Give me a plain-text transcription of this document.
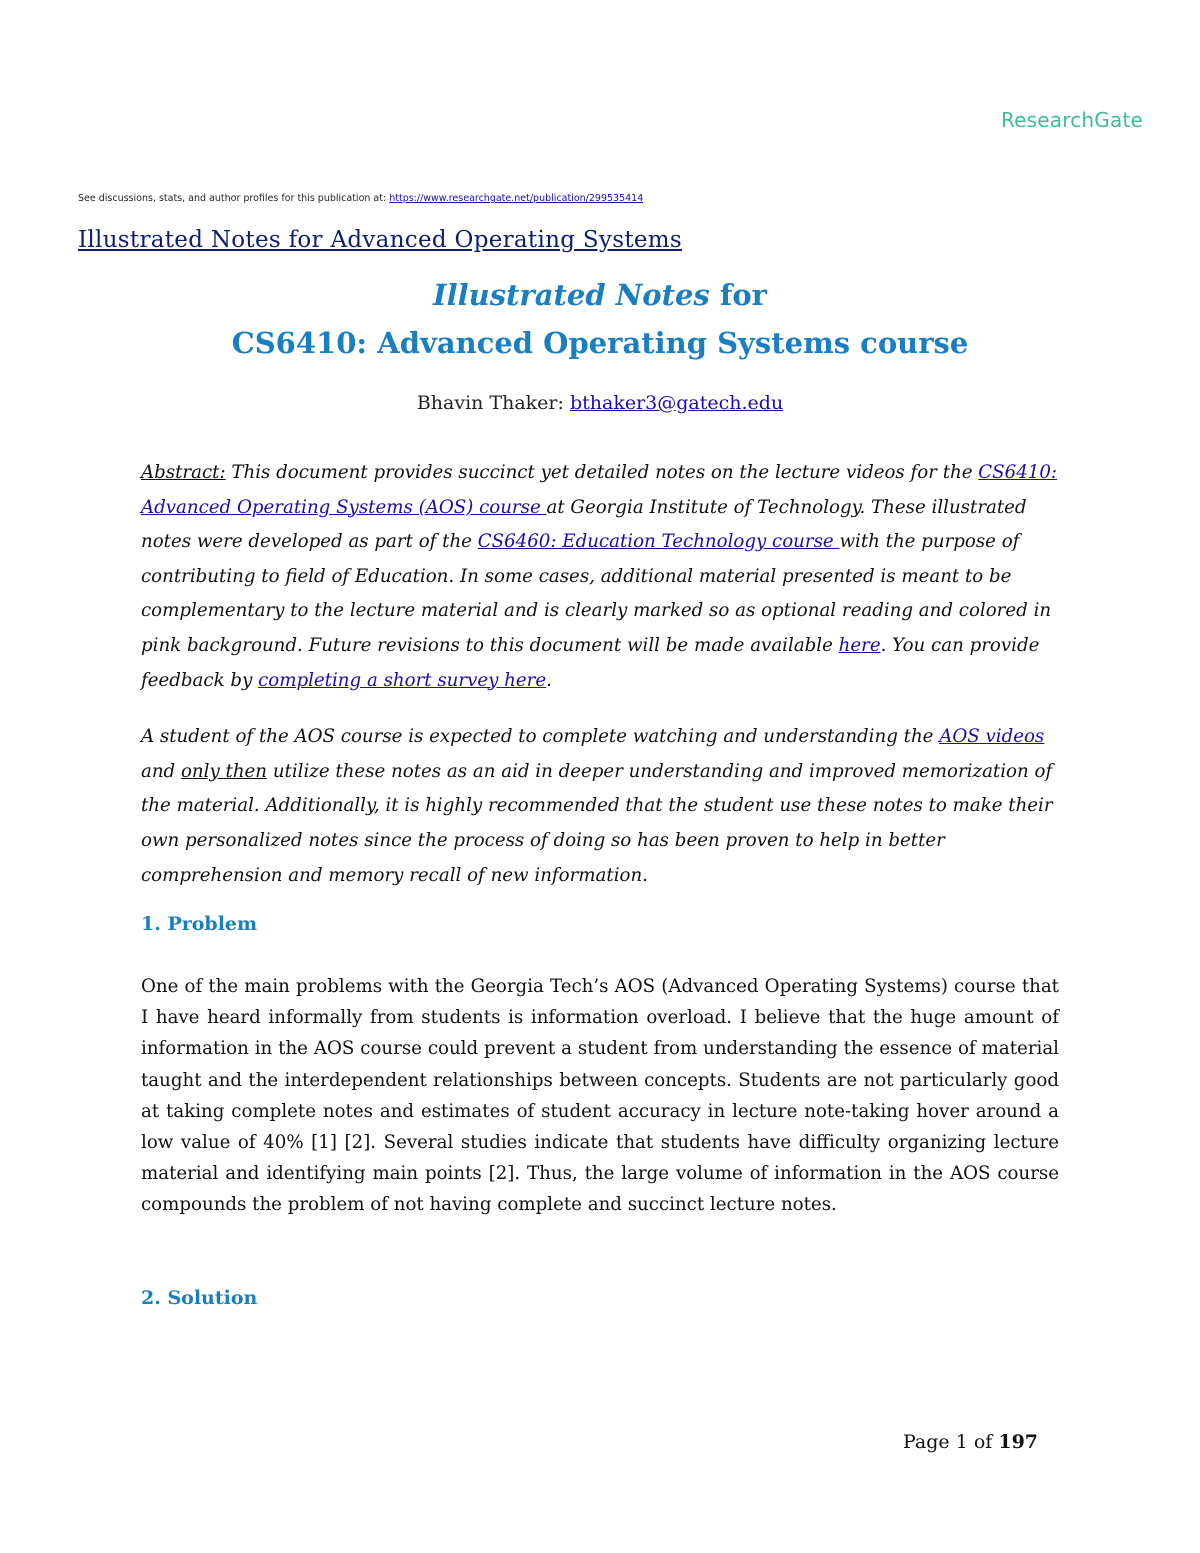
ResearchGate
See discussions, stats, and author profiles for this publication at: https://www.researchgate.net/publication/299535414
Illustrated Notes for Advanced Operating Systems
Illustrated Notes for
CS6410: Advanced Operating Systems course
Bhavin Thaker: bthaker3@gatech.edu

Abstract: This document provides succinct yet detailed notes on the lecture videos for the CS6410: Advanced Operating Systems (AOS) course at Georgia Institute of Technology. These illustrated notes were developed as part of the CS6460: Education Technology course with the purpose of contributing to field of Education. In some cases, additional material presented is meant to be complementary to the lecture material and is clearly marked so as optional reading and colored in pink background. Future revisions to this document will be made available here. You can provide feedback by completing a short survey here.

A student of the AOS course is expected to complete watching and understanding the AOS videos and only then utilize these notes as an aid in deeper understanding and improved memorization of the material. Additionally, it is highly recommended that the student use these notes to make their own personalized notes since the process of doing so has been proven to help in better comprehension and memory recall of new information.

1. Problem

One of the main problems with the Georgia Tech’s AOS (Advanced Operating Systems) course that I have heard informally from students is information overload. I believe that the huge amount of information in the AOS course could prevent a student from understanding the essence of material taught and the interdependent relationships between concepts. Students are not particularly good at taking complete notes and estimates of student accuracy in lecture note-taking hover around a low value of 40% [1] [2]. Several studies indicate that students have difficulty organizing lecture material and identifying main points [2]. Thus, the large volume of information in the AOS course compounds the problem of not having complete and succinct lecture notes.

2. Solution
Page 1 of 197
